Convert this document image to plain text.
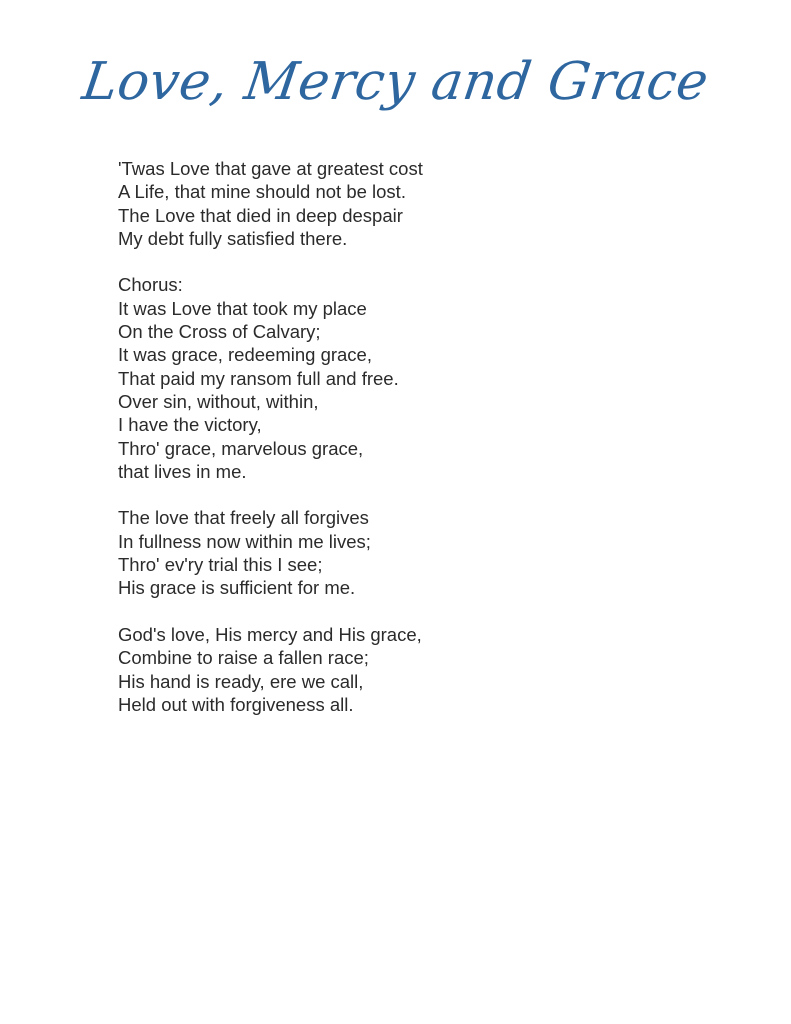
Love, Mercy and Grace
'Twas Love that gave at greatest cost
A Life, that mine should not be lost.
The Love that died in deep despair
My debt fully satisfied there.
Chorus:
It was Love that took my place
On the Cross of Calvary;
It was grace, redeeming grace,
That paid my ransom full and free.
Over sin, without, within,
I have the victory,
Thro' grace, marvelous grace,
that lives in me.
The love that freely all forgives
In fullness now within me lives;
Thro' ev'ry trial this I see;
His grace is sufficient for me.
God's love, His mercy and His grace,
Combine to raise a fallen race;
His hand is ready, ere we call,
Held out with forgiveness all.
